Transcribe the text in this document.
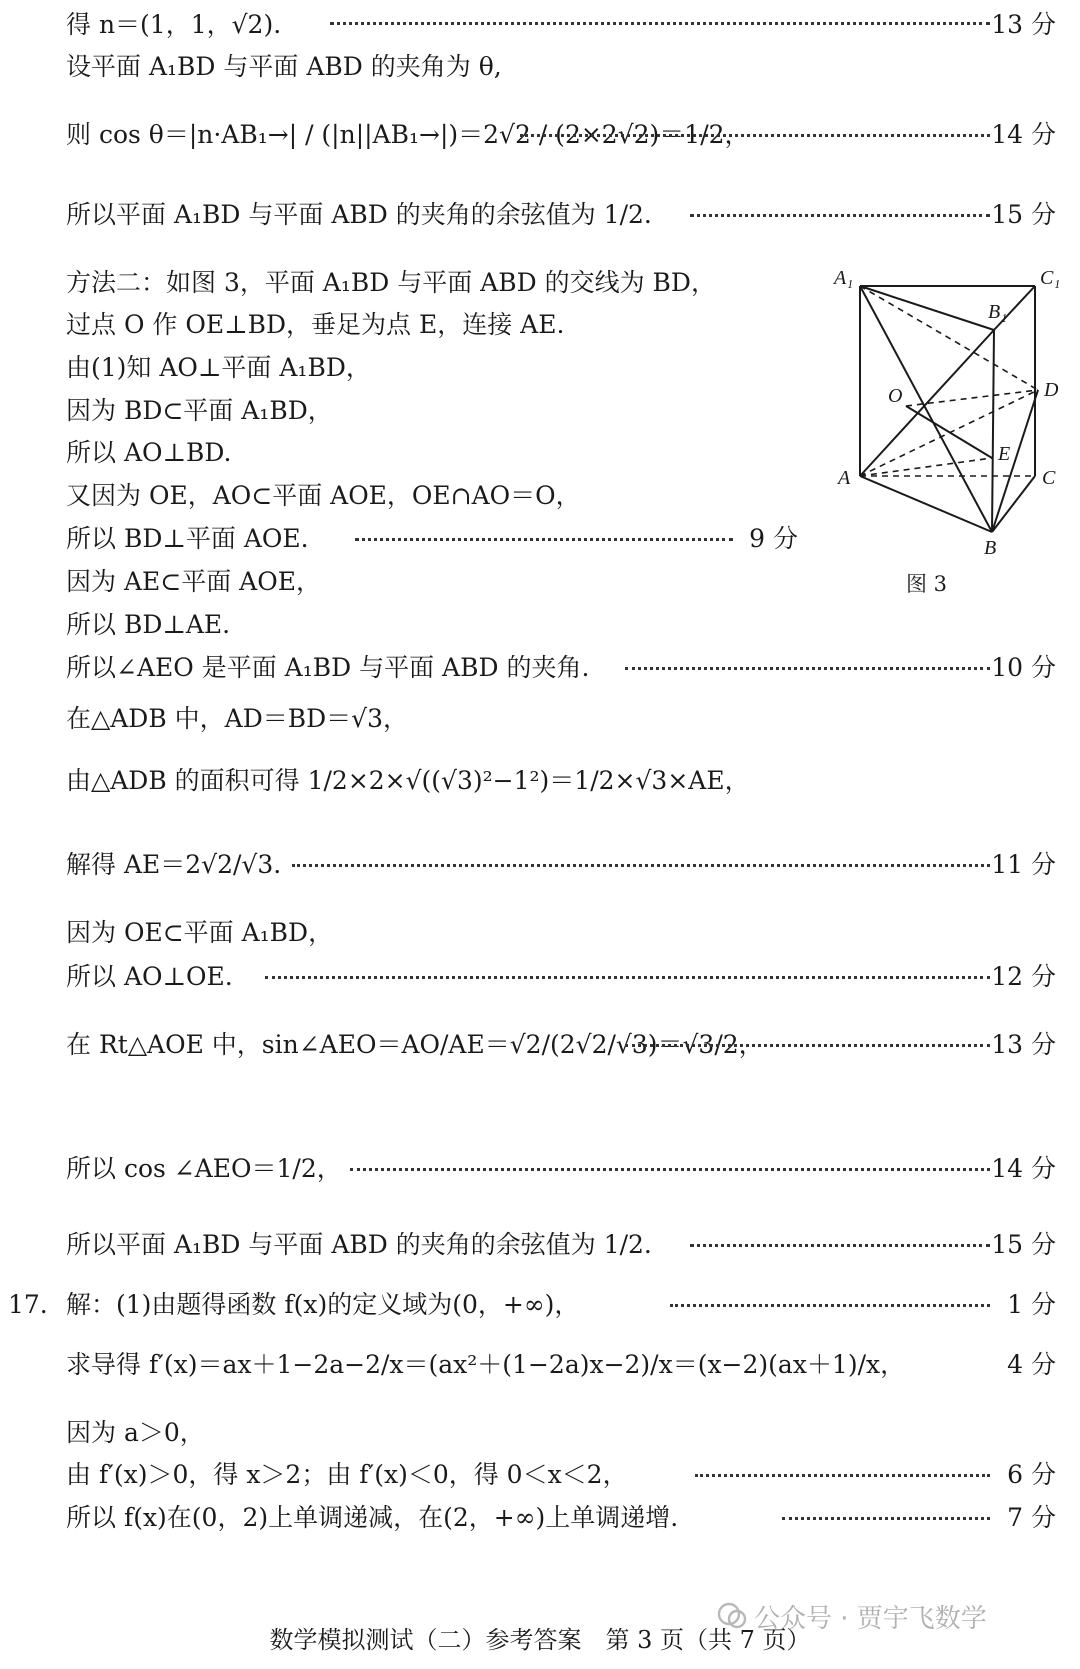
得 n＝(1，1，√2).	13 分
设平面 A₁BD 与平面 ABD 的夹角为 θ,
则 cos θ＝|n·AB₁→| / (|n||AB₁→|)＝2√2 / (2×2√2)＝1/2，	14 分
所以平面 A₁BD 与平面 ABD 的夹角的余弦值为 1/2.	15 分
方法二：如图 3，平面 A₁BD 与平面 ABD 的交线为 BD，
过点 O 作 OE⊥BD，垂足为点 E，连接 AE.
由(1)知 AO⊥平面 A₁BD，
因为 BD⊂平面 A₁BD，
所以 AO⊥BD.
又因为 OE，AO⊂平面 AOE，OE∩AO＝O，
所以 BD⊥平面 AOE.	9 分
因为 AE⊂平面 AOE，
所以 BD⊥AE.
所以∠AEO 是平面 A₁BD 与平面 ABD 的夹角.	10 分
在△ADB 中，AD＝BD＝√3，
由△ADB 的面积可得 1/2×2×√((√3)²−1²)＝1/2×√3×AE，
解得 AE＝2√2/√3.	11 分
因为 OE⊂平面 A₁BD，
所以 AO⊥OE.	12 分
在 Rt△AOE 中，sin∠AEO＝AO/AE＝√2/(2√2/√3)＝√3/2，	13 分
所以 cos ∠AEO＝1/2，	14 分
所以平面 A₁BD 与平面 ABD 的夹角的余弦值为 1/2.	15 分
17. 解：(1)由题得函数 f(x)的定义域为(0，+∞)，	1 分
求导得 f′(x)＝ax＋1−2a−2/x＝(ax²＋(1−2a)x−2)/x＝(x−2)(ax＋1)/x，	4 分
因为 a＞0，
由 f′(x)＞0，得 x＞2；由 f′(x)＜0，得 0＜x＜2，	6 分
所以 f(x)在(0，2)上单调递减，在(2，+∞)上单调递增.	7 分
A₁	C₁
B₁
D
O
E
A	C
B
图 3
公众号 · 贾宇飞数学
数学模拟测试（二）参考答案　第 3 页（共 7 页）
